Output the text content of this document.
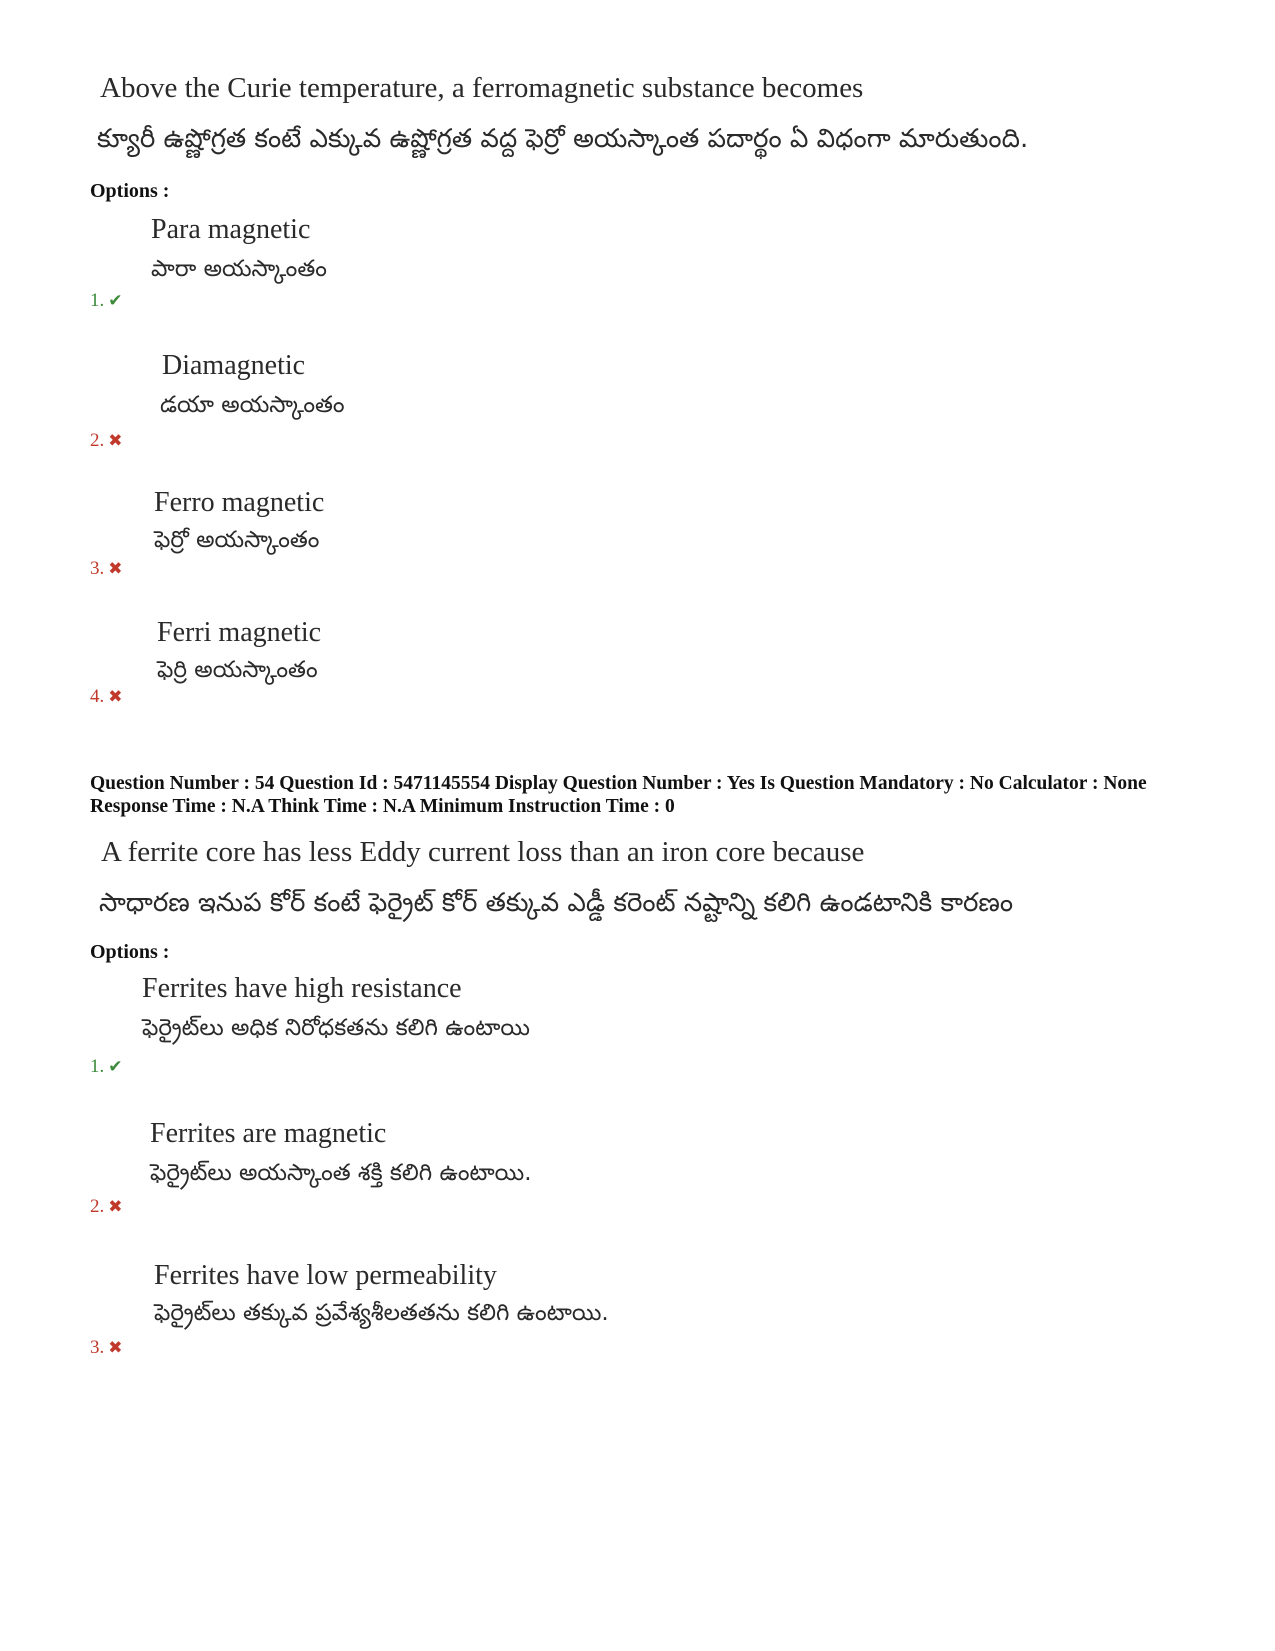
Above the Curie temperature, a ferromagnetic substance becomes
క్యూరీ ఉష్ణోగ్రత కంటే ఎక్కువ ఉష్ణోగ్రత వద్ద ఫెర్రో అయస్కాంత పదార్థం ఏ విధంగా మారుతుంది.
Options :
Para magnetic
పారా అయస్కాంతం
1. ✔
Diamagnetic
డయా అయస్కాంతం
2. ✖
Ferro magnetic
ఫెర్రో అయస్కాంతం
3. ✖
Ferri magnetic
ఫెర్రి అయస్కాంతం
4. ✖
Question Number : 54 Question Id : 5471145554 Display Question Number : Yes Is Question Mandatory : No Calculator : None Response Time : N.A Think Time : N.A Minimum Instruction Time : 0
A ferrite core has less Eddy current loss than an iron core because
సాధారణ ఇనుప కోర్ కంటే ఫెర్రైట్ కోర్ తక్కువ ఎడ్డీ కరెంట్ నష్టాన్ని కలిగి ఉండటానికి కారణం
Options :
Ferrites have high resistance
ఫెర్రైట్‌లు అధిక నిరోధకతను కలిగి ఉంటాయి
1. ✔
Ferrites are magnetic
ఫెర్రైట్‌లు అయస్కాంత శక్తి కలిగి ఉంటాయి.
2. ✖
Ferrites have low permeability
ఫెర్రైట్‌లు తక్కువ ప్రవేశ్యశీలతతను కలిగి ఉంటాయి.
3. ✖
